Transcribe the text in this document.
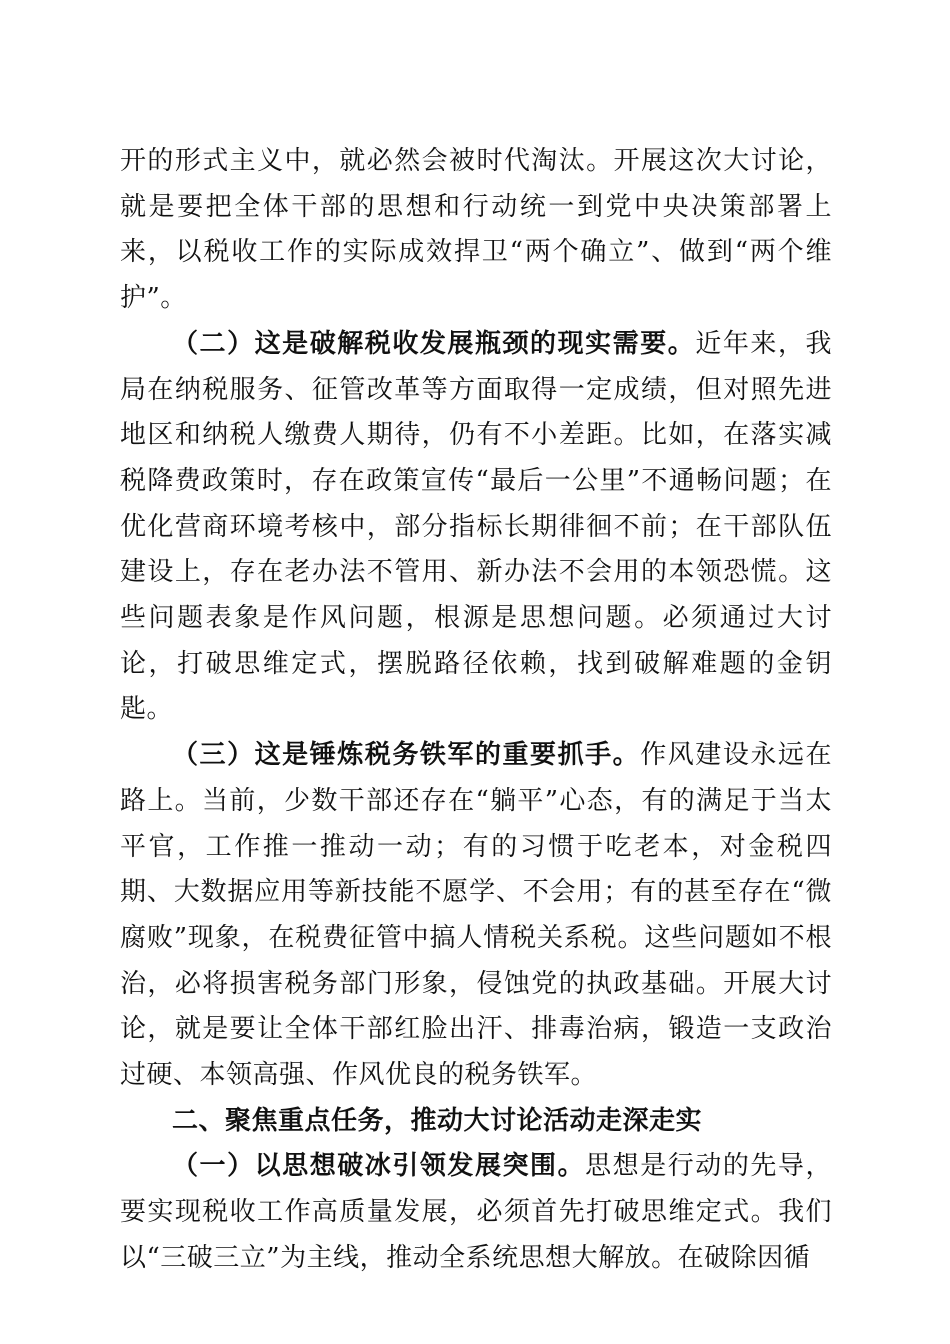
开的形式主义中，就必然会被时代淘汰。开展这次大讨论，就是要把全体干部的思想和行动统一到党中央决策部署上来，以税收工作的实际成效捍卫“两个确立”、做到“两个维护”。

（二）这是破解税收发展瓶颈的现实需要。近年来，我局在纳税服务、征管改革等方面取得一定成绩，但对照先进地区和纳税人缴费人期待，仍有不小差距。比如，在落实减税降费政策时，存在政策宣传“最后一公里”不通畅问题；在优化营商环境考核中，部分指标长期徘徊不前；在干部队伍建设上，存在老办法不管用、新办法不会用的本领恐慌。这些问题表象是作风问题，根源是思想问题。必须通过大讨论，打破思维定式，摆脱路径依赖，找到破解难题的金钥匙。

（三）这是锤炼税务铁军的重要抓手。作风建设永远在路上。当前，少数干部还存在“躺平”心态，有的满足于当太平官，工作推一推动一动；有的习惯于吃老本，对金税四期、大数据应用等新技能不愿学、不会用；有的甚至存在“微腐败”现象，在税费征管中搞人情税关系税。这些问题如不根治，必将损害税务部门形象，侵蚀党的执政基础。开展大讨论，就是要让全体干部红脸出汗、排毒治病，锻造一支政治过硬、本领高强、作风优良的税务铁军。

二、聚焦重点任务，推动大讨论活动走深走实

（一）以思想破冰引领发展突围。思想是行动的先导，要实现税收工作高质量发展，必须首先打破思维定式。我们以“三破三立”为主线，推动全系统思想大解放。在破除因循
